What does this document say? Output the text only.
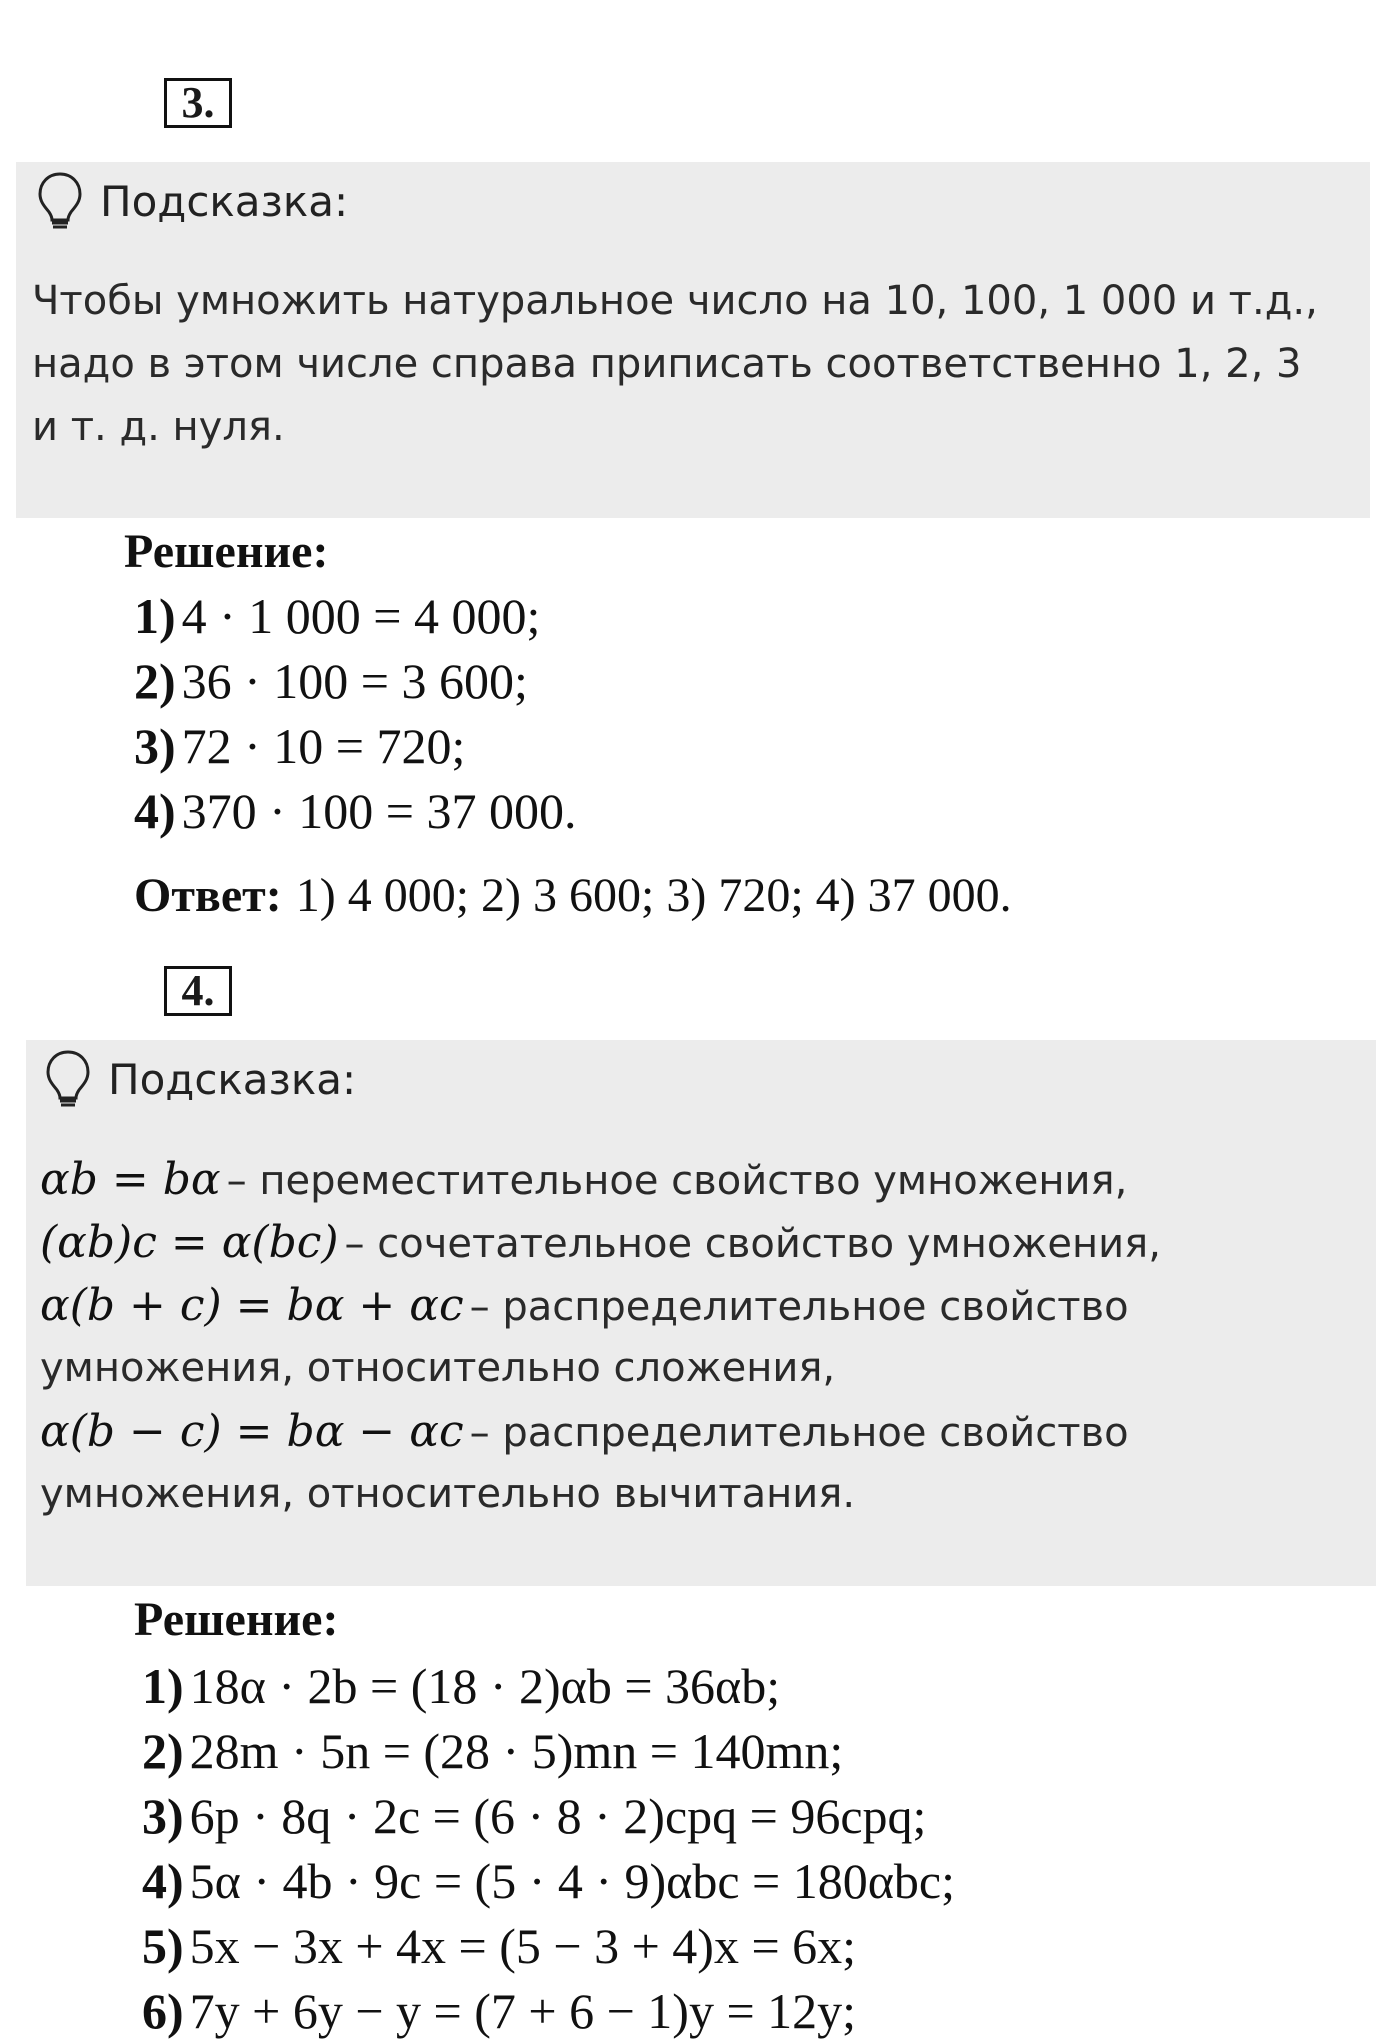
3.
Подсказка:
Чтобы умножить натуральное число на 10, 100, 1 000 и т.д.,
надо в этом числе справа приписать соответственно 1, 2, 3
и т. д. нуля.
Решение:
1) 4 · 1 000 = 4 000;
2) 36 · 100 = 3 600;
3) 72 · 10 = 720;
4) 370 · 100 = 37 000.
Ответ: 1) 4 000; 2) 3 600; 3) 720; 4) 37 000.
4.
Подсказка:
αb = bα – переместительное свойство умножения,
(αb)c = α(bc) – сочетательное свойство умножения,
α(b + c) = bα + αc – распределительное свойство
умножения, относительно сложения,
α(b − c) = bα − αc – распределительное свойство
умножения, относительно вычитания.
Решение:
1) 18α · 2b = (18 · 2)αb = 36αb;
2) 28m · 5n = (28 · 5)mn = 140mn;
3) 6p · 8q · 2c = (6 · 8 · 2)cpq = 96cpq;
4) 5α · 4b · 9c = (5 · 4 · 9)αbc = 180αbc;
5) 5x − 3x + 4x = (5 − 3 + 4)x = 6x;
6) 7y + 6y − y = (7 + 6 − 1)y = 12y;
